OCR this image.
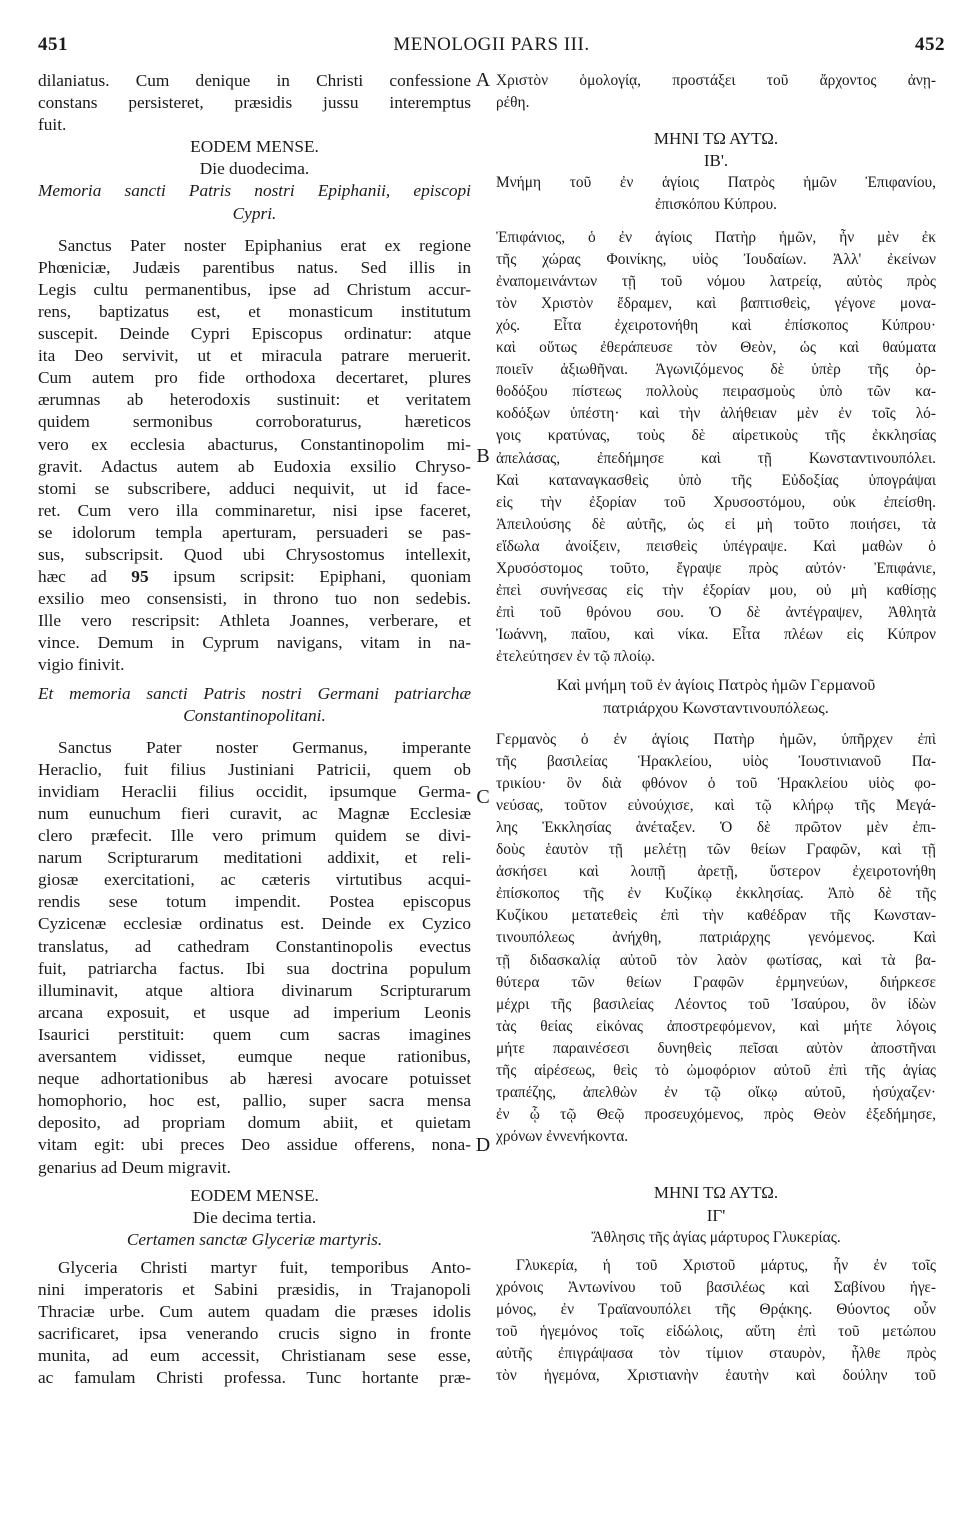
451	MENOLOGII PARS III.	452
A
B
C
D
dilaniatus. Cum denique in Christi confessione
constans persisteret, præsidis jussu interemptus
fuit.
EODEM MENSE.
Die duodecima.
Memoria sancti Patris nostri Epiphanii, episcopi
Cypri.
Sanctus Pater noster Epiphanius erat ex regione
Phœniciæ, Judæis parentibus natus. Sed illis in
Legis cultu permanentibus, ipse ad Christum accur-
rens, baptizatus est, et monasticum institutum
suscepit. Deinde Cypri Episcopus ordinatur: atque
ita Deo servivit, ut et miracula patrare meruerit.
Cum autem pro fide orthodoxa decertaret, plures
ærumnas ab heterodoxis sustinuit: et veritatem
quidem sermonibus corroboraturus, hæreticos
vero ex ecclesia abacturus, Constantinopolim mi-
gravit. Adactus autem ab Eudoxia exsilio Chryso-
stomi se subscribere, adduci nequivit, ut id face-
ret. Cum vero illa comminaretur, nisi ipse faceret,
se idolorum templa aperturam, persuaderi se pas-
sus, subscripsit. Quod ubi Chrysostomus intellexit,
hæc ad 95 ipsum scripsit: Epiphani, quoniam
exsilio meo consensisti, in throno tuo non sedebis.
Ille vero rescripsit: Athleta Joannes, verberare, et
vince. Demum in Cyprum navigans, vitam in na-
vigio finivit.
Et memoria sancti Patris nostri Germani patriarchæ
Constantinopolitani.
Sanctus Pater noster Germanus, imperante
Heraclio, fuit filius Justiniani Patricii, quem ob
invidiam Heraclii filius occidit, ipsumque Germa-
num eunuchum fieri curavit, ac Magnæ Ecclesiæ
clero præfecit. Ille vero primum quidem se divi-
narum Scripturarum meditationi addixit, et reli-
giosæ exercitationi, ac cæteris virtutibus acqui-
rendis sese totum impendit. Postea episcopus
Cyzicenæ ecclesiæ ordinatus est. Deinde ex Cyzico
translatus, ad cathedram Constantinopolis evectus
fuit, patriarcha factus. Ibi sua doctrina populum
illuminavit, atque altiora divinarum Scripturarum
arcana exposuit, et usque ad imperium Leonis
Isaurici perstituit: quem cum sacras imagines
aversantem vidisset, eumque neque rationibus,
neque adhortationibus ab hæresi avocare potuisset
homophorio, hoc est, pallio, super sacra mensa
deposito, ad propriam domum abiit, et quietam
vitam egit: ubi preces Deo assidue offerens, nona-
genarius ad Deum migravit.
EODEM MENSE.
Die decima tertia.
Certamen sanctæ Glyceriæ martyris.
Glyceria Christi martyr fuit, temporibus Anto-
nini imperatoris et Sabini præsidis, in Trajanopoli
Thraciæ urbe. Cum autem quadam die præses idolis
sacrificaret, ipsa venerando crucis signo in fronte
munita, ad eum accessit, Christianam sese esse,
ac famulam Christi professa. Tunc hortante præ-
Χριστὸν ὁμολογίᾳ, προστάξει τοῦ ἄρχοντος ἀνῃ-
ρέθη.
ΜΗΝΙ ΤΩ ΑΥΤΩ.
ΙΒ'.
Μνήμη τοῦ ἐν ἁγίοις Πατρὸς ἡμῶν Ἐπιφανίου,
ἐπισκόπου Κύπρου.
Ἐπιφάνιος, ὁ ἐν ἁγίοις Πατὴρ ἡμῶν, ἦν μὲν ἐκ
τῆς χώρας Φοινίκης, υἱὸς Ἰουδαίων. Ἀλλ' ἐκείνων
ἐναπομεινάντων τῇ τοῦ νόμου λατρείᾳ, αὐτὸς πρὸς
τὸν Χριστὸν ἔδραμεν, καὶ βαπτισθεὶς, γέγονε μονα-
χός. Εἶτα ἐχειροτονήθη καὶ ἐπίσκοπος Κύπρου·
καὶ οὕτως ἐθεράπευσε τὸν Θεὸν, ὡς καὶ θαύματα
ποιεῖν ἀξιωθῆναι. Ἀγωνιζόμενος δὲ ὑπὲρ τῆς ὀρ-
θοδόξου πίστεως πολλοὺς πειρασμοὺς ὑπὸ τῶν κα-
κοδόξων ὑπέστη· καὶ τὴν ἀλήθειαν μὲν ἐν τοῖς λό-
γοις κρατύνας, τοὺς δὲ αἱρετικοὺς τῆς ἐκκλησίας
ἀπελάσας, ἐπεδήμησε καὶ τῇ Κωνσταντινουπόλει.
Καὶ καταναγκασθεὶς ὑπὸ τῆς Εὐδοξίας ὑπογράψαι
εἰς τὴν ἐξορίαν τοῦ Χρυσοστόμου, οὐκ ἐπείσθη.
Ἀπειλούσης δὲ αὐτῆς, ὡς εἰ μὴ τοῦτο ποιήσει, τὰ
εἴδωλα ἀνοίξειν, πεισθεὶς ὑπέγραψε. Καὶ μαθὼν ὁ
Χρυσόστομος τοῦτο, ἔγραψε πρὸς αὐτόν· Ἐπιφάνιε,
ἐπεὶ συνήνεσας εἰς τὴν ἐξορίαν μου, οὐ μὴ καθίσῃς
ἐπὶ τοῦ θρόνου σου. Ὁ δὲ ἀντέγραψεν, Ἀθλητὰ
Ἰωάννη, παῖου, καὶ νίκα. Εἶτα πλέων εἰς Κύπρον
ἐτελεύτησεν ἐν τῷ πλοίῳ.
Καὶ μνήμη τοῦ ἐν ἁγίοις Πατρὸς ἡμῶν Γερμανοῦ
πατριάρχου Κωνσταντινουπόλεως.
Γερμανὸς ὁ ἐν ἁγίοις Πατὴρ ἡμῶν, ὑπῆρχεν ἐπὶ
τῆς βασιλείας Ἡρακλείου, υἱὸς Ἰουστινιανοῦ Πα-
τρικίου· ὃν διὰ φθόνον ὁ τοῦ Ἡρακλείου υἱὸς φο-
νεύσας, τοῦτον εὐνούχισε, καὶ τῷ κλήρῳ τῆς Μεγά-
λης Ἐκκλησίας ἀνέταξεν. Ὁ δὲ πρῶτον μὲν ἐπι-
δοὺς ἑαυτὸν τῇ μελέτῃ τῶν θείων Γραφῶν, καὶ τῇ
ἀσκήσει καὶ λοιπῇ ἀρετῇ, ὕστερον ἐχειροτονήθη
ἐπίσκοπος τῆς ἐν Κυζίκῳ ἐκκλησίας. Ἀπὸ δὲ τῆς
Κυζίκου μετατεθεὶς ἐπὶ τὴν καθέδραν τῆς Κωνσταν-
τινουπόλεως ἀνήχθη, πατριάρχης γενόμενος. Καὶ
τῇ διδασκαλίᾳ αὐτοῦ τὸν λαὸν φωτίσας, καὶ τὰ βα-
θύτερα τῶν θείων Γραφῶν ἑρμηνεύων, διήρκεσε
μέχρι τῆς βασιλείας Λέοντος τοῦ Ἰσαύρου, ὃν ἰδὼν
τὰς θείας εἰκόνας ἀποστρεφόμενον, καὶ μήτε λόγοις
μήτε παραινέσεσι δυνηθεὶς πεῖσαι αὐτὸν ἀποστῆναι
τῆς αἱρέσεως, θεὶς τὸ ὠμοφόριον αὐτοῦ ἐπὶ τῆς ἁγίας
τραπέζης, ἀπελθὼν ἐν τῷ οἴκῳ αὐτοῦ, ἡσύχαζεν·
ἐν ᾧ τῷ Θεῷ προσευχόμενος, πρὸς Θεὸν ἐξεδήμησε,
χρόνων ἐννενήκοντα.
ΜΗΝΙ ΤΩ ΑΥΤΩ.
ΙΓ'
Ἄθλησις τῆς ἁγίας μάρτυρος Γλυκερίας.
Γλυκερία, ἡ τοῦ Χριστοῦ μάρτυς, ἦν ἐν τοῖς
χρόνοις Ἀντωνίνου τοῦ βασιλέως καὶ Σαβίνου ἡγε-
μόνος, ἐν Τραϊανουπόλει τῆς Θρᾴκης. Θύοντος οὖν
τοῦ ἡγεμόνος τοῖς εἰδώλοις, αὕτη ἐπὶ τοῦ μετώπου
αὐτῆς ἐπιγράψασα τὸν τίμιον σταυρὸν, ἦλθε πρὸς
τὸν ἡγεμόνα, Χριστιανὴν ἑαυτὴν καὶ δούλην τοῦ
